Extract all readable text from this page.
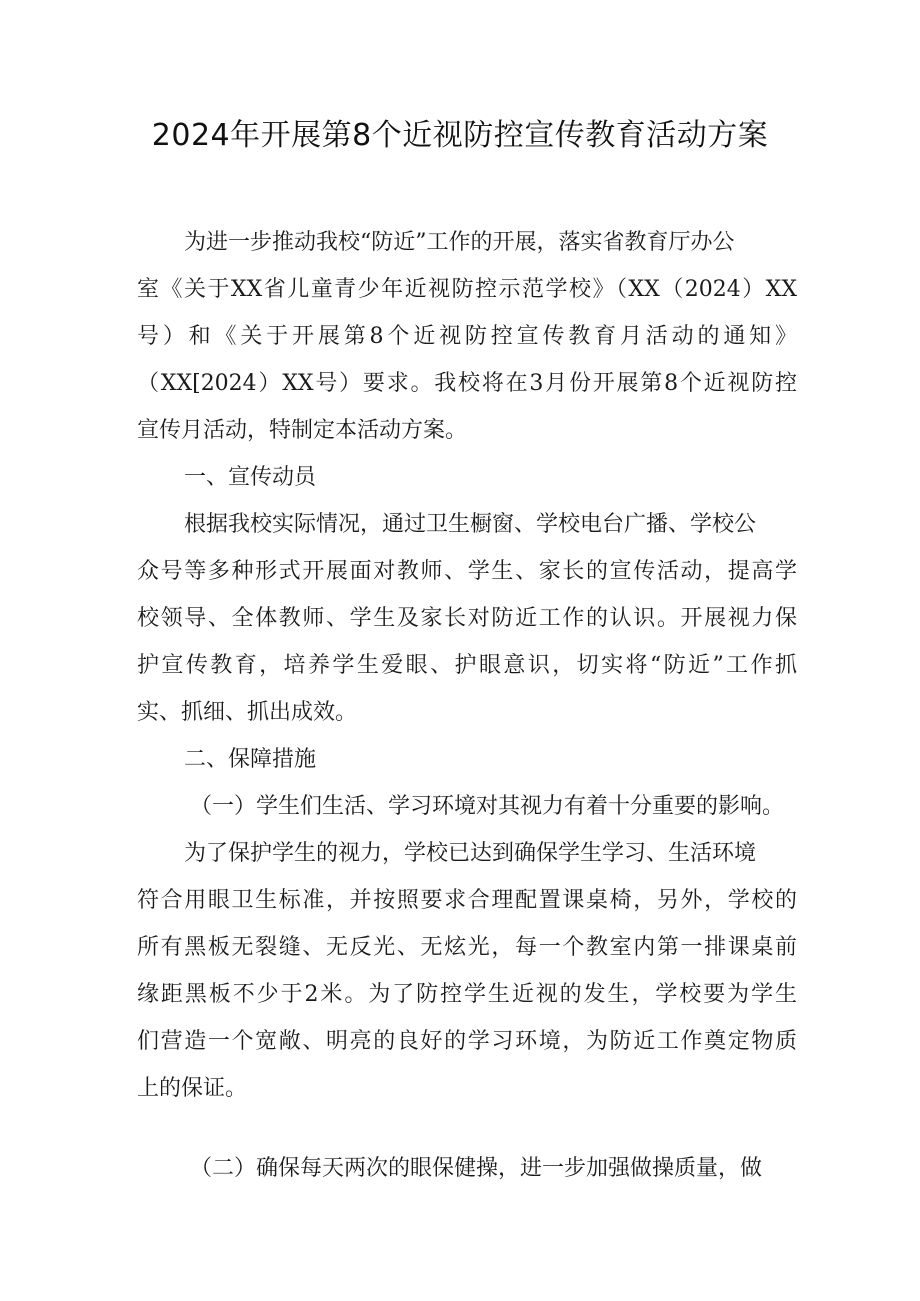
2024年开展第8个近视防控宣传教育活动方案

为进一步推动我校“防近”工作的开展，落实省教育厅办公

室《关于XX省儿童青少年近视防控示范学校》（XX（2024）XX

号）和《关于开展第8个近视防控宣传教育月活动的通知》

（XX[2024）XX号）要求。我校将在3月份开展第8个近视防控

宣传月活动，特制定本活动方案。

一、宣传动员

根据我校实际情况，通过卫生橱窗、学校电台广播、学校公

众号等多种形式开展面对教师、学生、家长的宣传活动，提高学

校领导、全体教师、学生及家长对防近工作的认识。开展视力保

护宣传教育，培养学生爱眼、护眼意识，切实将“防近”工作抓

实、抓细、抓出成效。

二、保障措施

（一）学生们生活、学习环境对其视力有着十分重要的影响。

为了保护学生的视力，学校已达到确保学生学习、生活环境

符合用眼卫生标准，并按照要求合理配置课桌椅，另外，学校的

所有黑板无裂缝、无反光、无炫光，每一个教室内第一排课桌前

缘距黑板不少于2米。为了防控学生近视的发生，学校要为学生

们营造一个宽敞、明亮的良好的学习环境，为防近工作奠定物质

上的保证。

（二）确保每天两次的眼保健操，进一步加强做操质量，做
